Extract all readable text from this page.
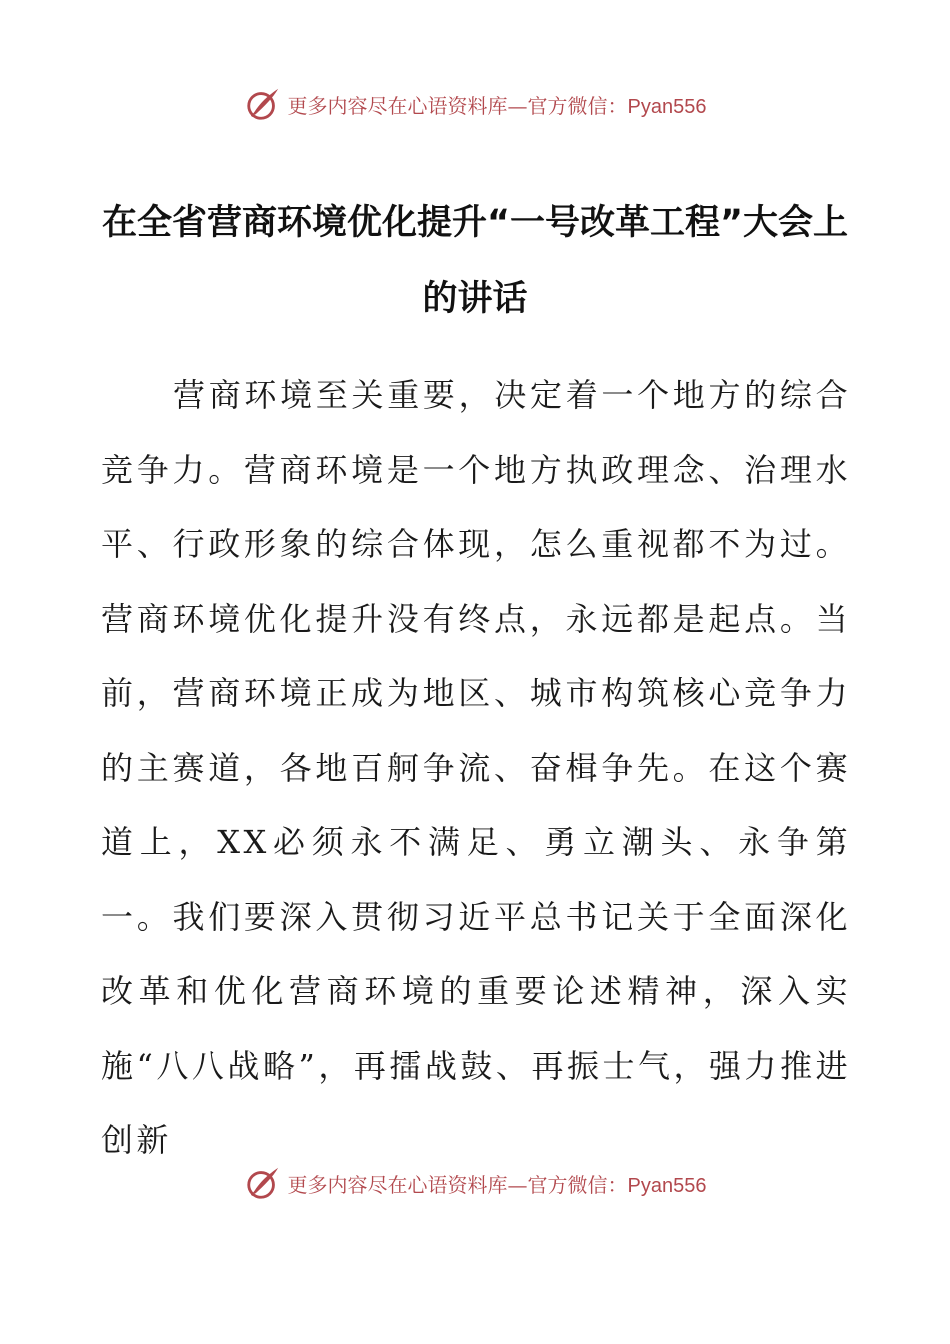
更多内容尽在心语资料库—官方微信：Pyan556
在全省营商环境优化提升“一号改革工程”大会上的讲话

营商环境至关重要，决定着一个地方的综合竞争力。营商环境是一个地方执政理念、治理水平、行政形象的综合体现，怎么重视都不为过。营商环境优化提升没有终点，永远都是起点。当前，营商环境正成为地区、城市构筑核心竞争力的主赛道，各地百舸争流、奋楫争先。在这个赛道上，XX必须永不满足、勇立潮头、永争第一。我们要深入贯彻习近平总书记关于全面深化改革和优化营商环境的重要论述精神，深入实施“八八战略”，再擂战鼓、再振士气，强力推进创新

更多内容尽在心语资料库—官方微信：Pyan556
